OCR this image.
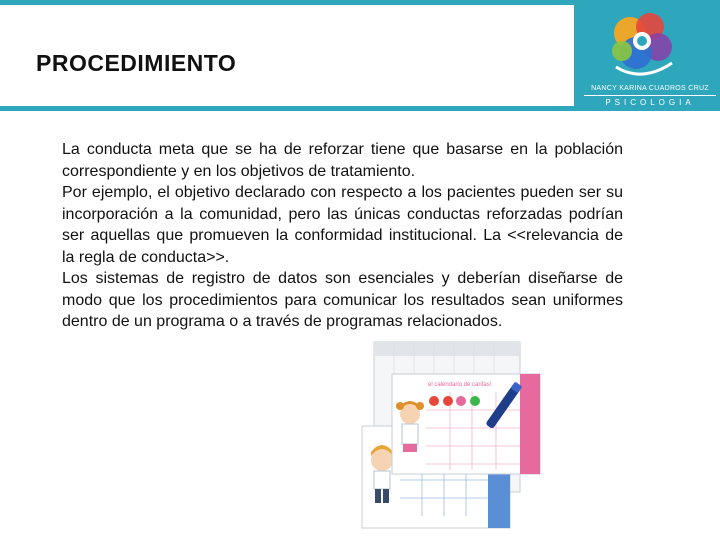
PROCEDIMIENTO
NANCY KARINA CUADROS CRUZ
PSICOLOGIA

La conducta meta que se ha de reforzar tiene que basarse en la población correspondiente y en los objetivos de tratamiento.

Por ejemplo, el objetivo declarado con respecto a los pacientes pueden ser su incorporación a la comunidad, pero las únicas conductas reforzadas podrían ser aquellas que promueven la conformidad institucional. La <<relevancia de la regla de conducta>>.

Los sistemas de registro de datos son esenciales y deberían diseñarse de modo que los procedimientos para comunicar los resultados sean uniformes dentro de un programa o a través de programas relacionados.

el calendario de caritas!
